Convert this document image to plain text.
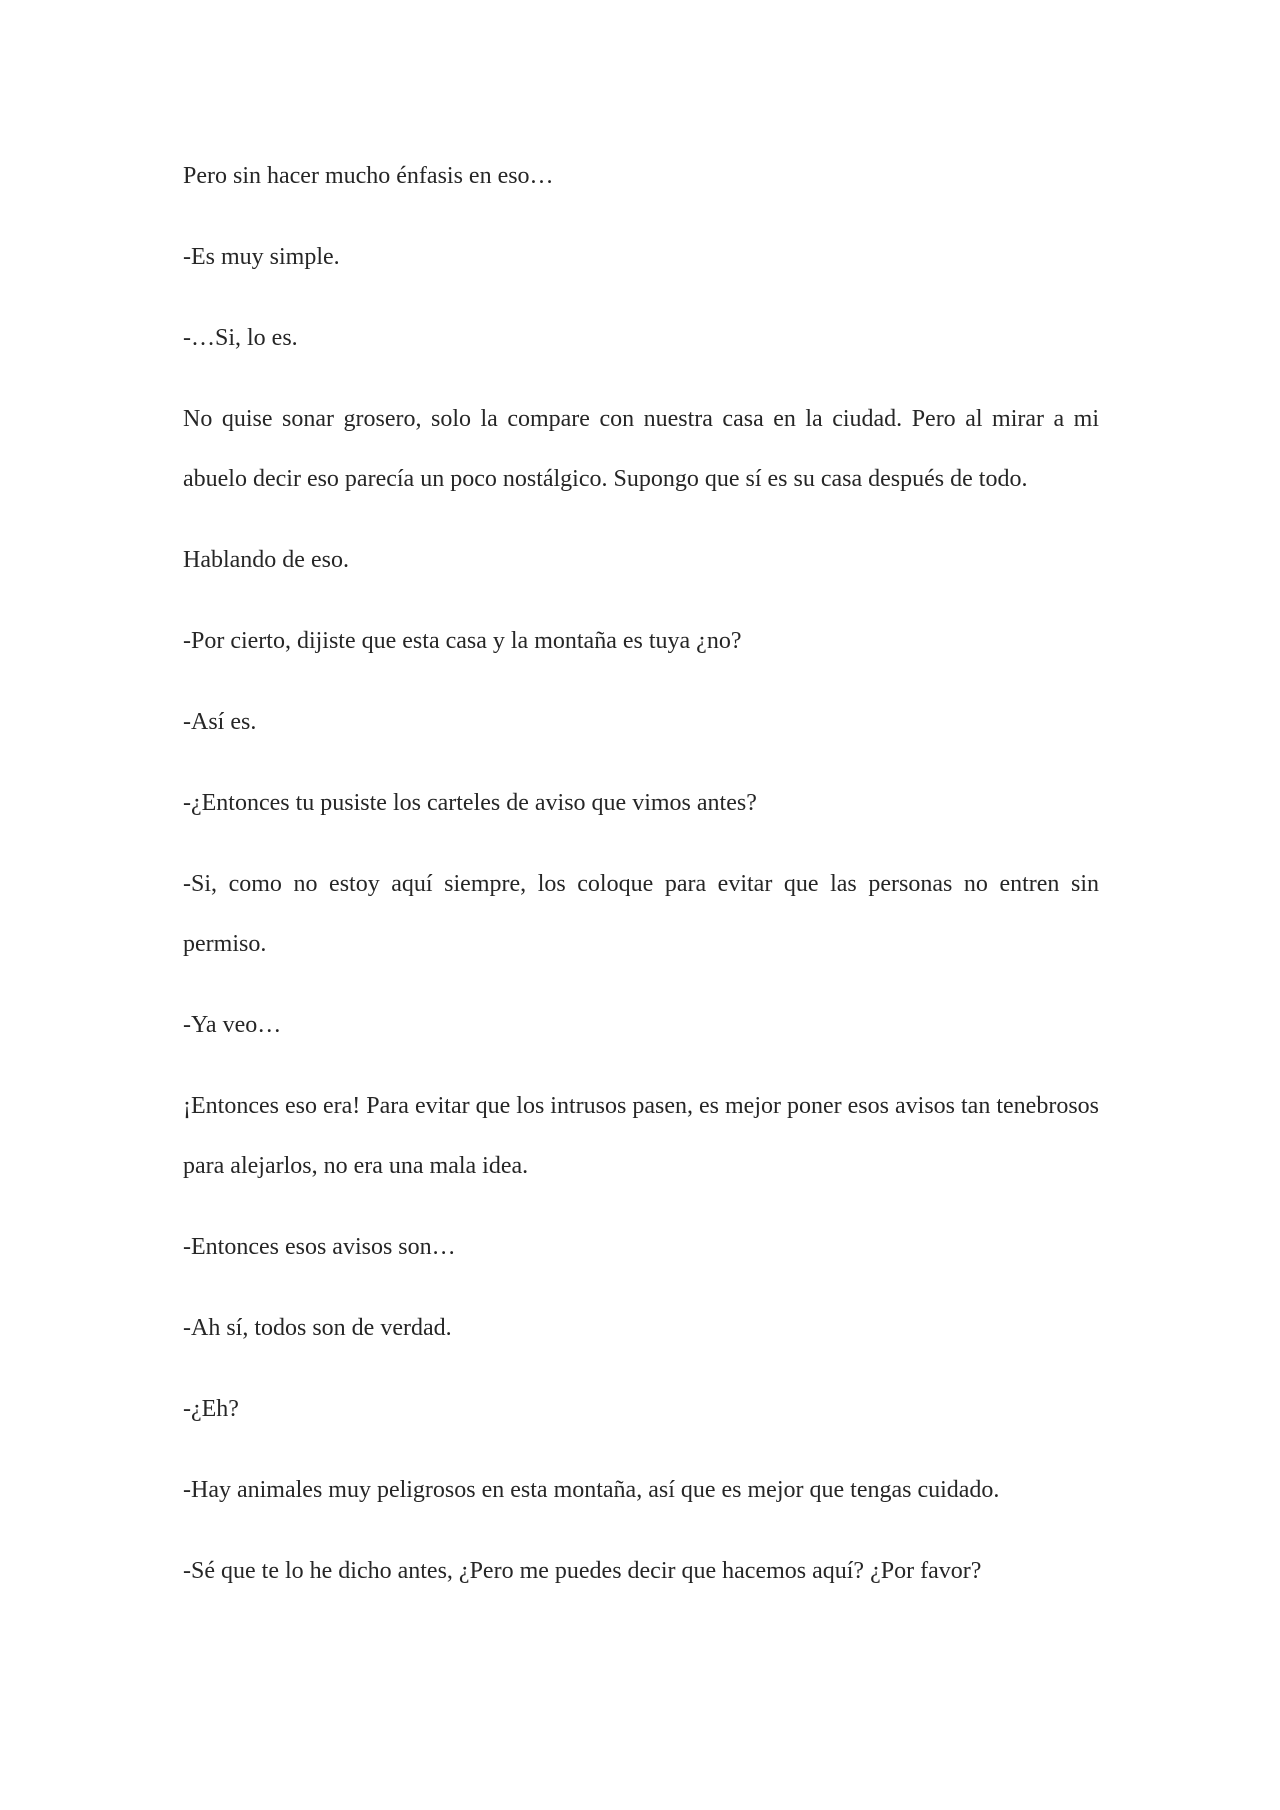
Pero sin hacer mucho énfasis en eso…

-Es muy simple.

-…Si, lo es.

No quise sonar grosero, solo la compare con nuestra casa en la ciudad. Pero al mirar a mi abuelo decir eso parecía un poco nostálgico. Supongo que sí es su casa después de todo.

Hablando de eso.

-Por cierto, dijiste que esta casa y la montaña es tuya ¿no?

-Así es.

-¿Entonces tu pusiste los carteles de aviso que vimos antes?

-Si, como no estoy aquí siempre, los coloque para evitar que las personas no entren sin permiso.

-Ya veo…

¡Entonces eso era! Para evitar que los intrusos pasen, es mejor poner esos avisos tan tenebrosos para alejarlos, no era una mala idea.

-Entonces esos avisos son…

-Ah sí, todos son de verdad.

-¿Eh?

-Hay animales muy peligrosos en esta montaña, así que es mejor que tengas cuidado.

-Sé que te lo he dicho antes, ¿Pero me puedes decir que hacemos aquí? ¿Por favor?
